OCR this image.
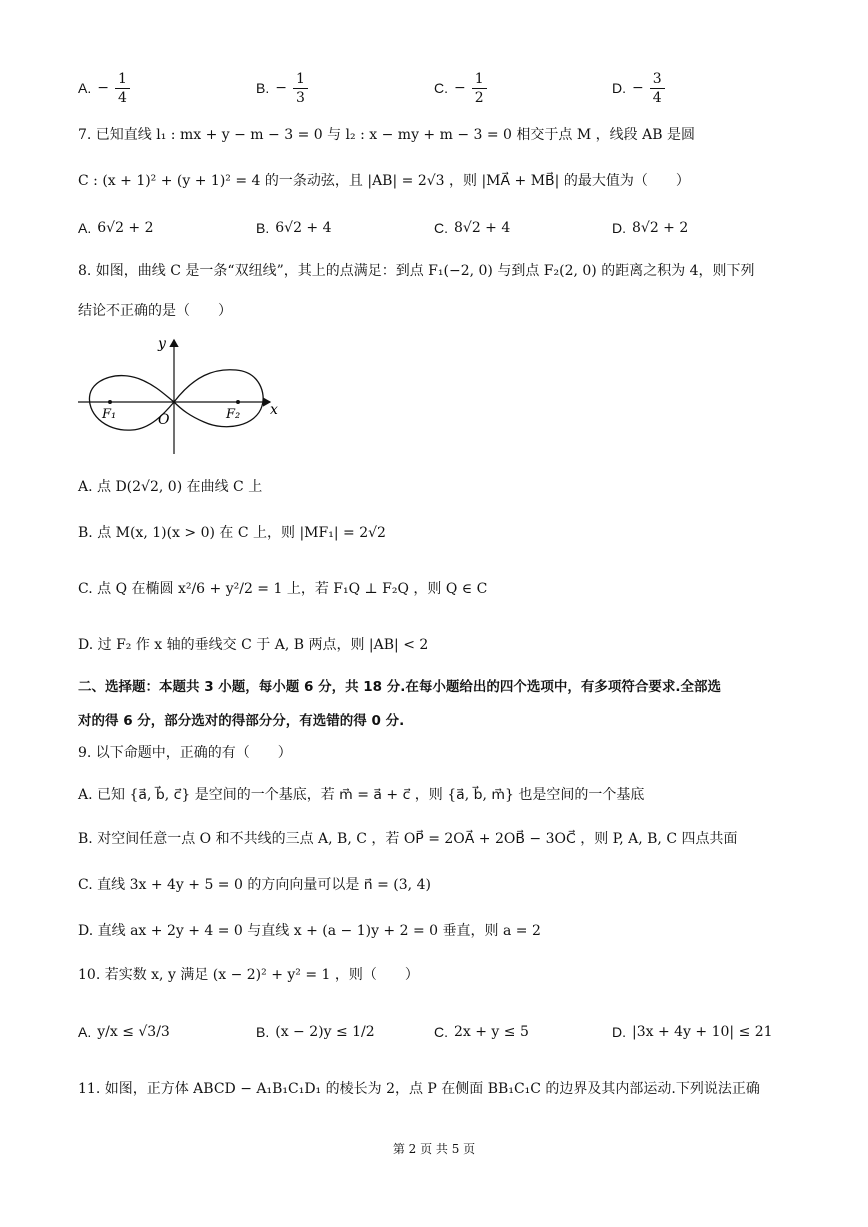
A. − $\frac{1}{4}$	B. − $\frac{1}{3}$	C. − $\frac{1}{2}$	D. − $\frac{3}{4}$
7. 已知直线 l₁ : mx + y − m − 3 = 0 与 l₂ : x − my + m − 3 = 0 相交于点 M ，线段 AB 是圆
C : (x + 1)² + (y + 1)² = 4 的一条动弦，且 |AB| = 2√3 ，则 |MA⃗ + MB⃗| 的最大值为（　　）
A. 6√2 + 2	B. 6√2 + 4	C. 8√2 + 4	D. 8√2 + 2
8. 如图，曲线 C 是一条“双纽线”，其上的点满足：到点 F₁(−2, 0) 与到点 F₂(2, 0) 的距离之积为 4，则下列
结论不正确的是（　　）
y
x
O
F₁	F₂
A. 点 D(2√2, 0) 在曲线 C 上
B. 点 M(x, 1)(x > 0) 在 C 上，则 |MF₁| = 2√2
C. 点 Q 在椭圆 x²/6 + y²/2 = 1 上，若 F₁Q ⊥ F₂Q ，则 Q ∈ C
D. 过 F₂ 作 x 轴的垂线交 C 于 A, B 两点，则 |AB| < 2
二、选择题：本题共 3 小题，每小题 6 分，共 18 分.在每小题给出的四个选项中，有多项符合要求.全部选
对的得 6 分，部分选对的得部分分，有选错的得 0 分.
9. 以下命题中，正确的有（　　）
A. 已知 {a⃗, b⃗, c⃗} 是空间的一个基底，若 m⃗ = a⃗ + c⃗ ，则 {a⃗, b⃗, m⃗} 也是空间的一个基底
B. 对空间任意一点 O 和不共线的三点 A, B, C ，若 OP⃗ = 2OA⃗ + 2OB⃗ − 3OC⃗ ，则 P, A, B, C 四点共面
C. 直线 3x + 4y + 5 = 0 的方向向量可以是 n⃗ = (3, 4)
D. 直线 ax + 2y + 4 = 0 与直线 x + (a − 1)y + 2 = 0 垂直，则 a = 2
10. 若实数 x, y 满足 (x − 2)² + y² = 1 ，则（　　）
A. y/x ≤ √3/3	B. (x − 2)y ≤ 1/2	C. 2x + y ≤ 5	D. |3x + 4y + 10| ≤ 21
11. 如图，正方体 ABCD − A₁B₁C₁D₁ 的棱长为 2，点 P 在侧面 BB₁C₁C 的边界及其内部运动.下列说法正确
第 2 页 共 5 页
